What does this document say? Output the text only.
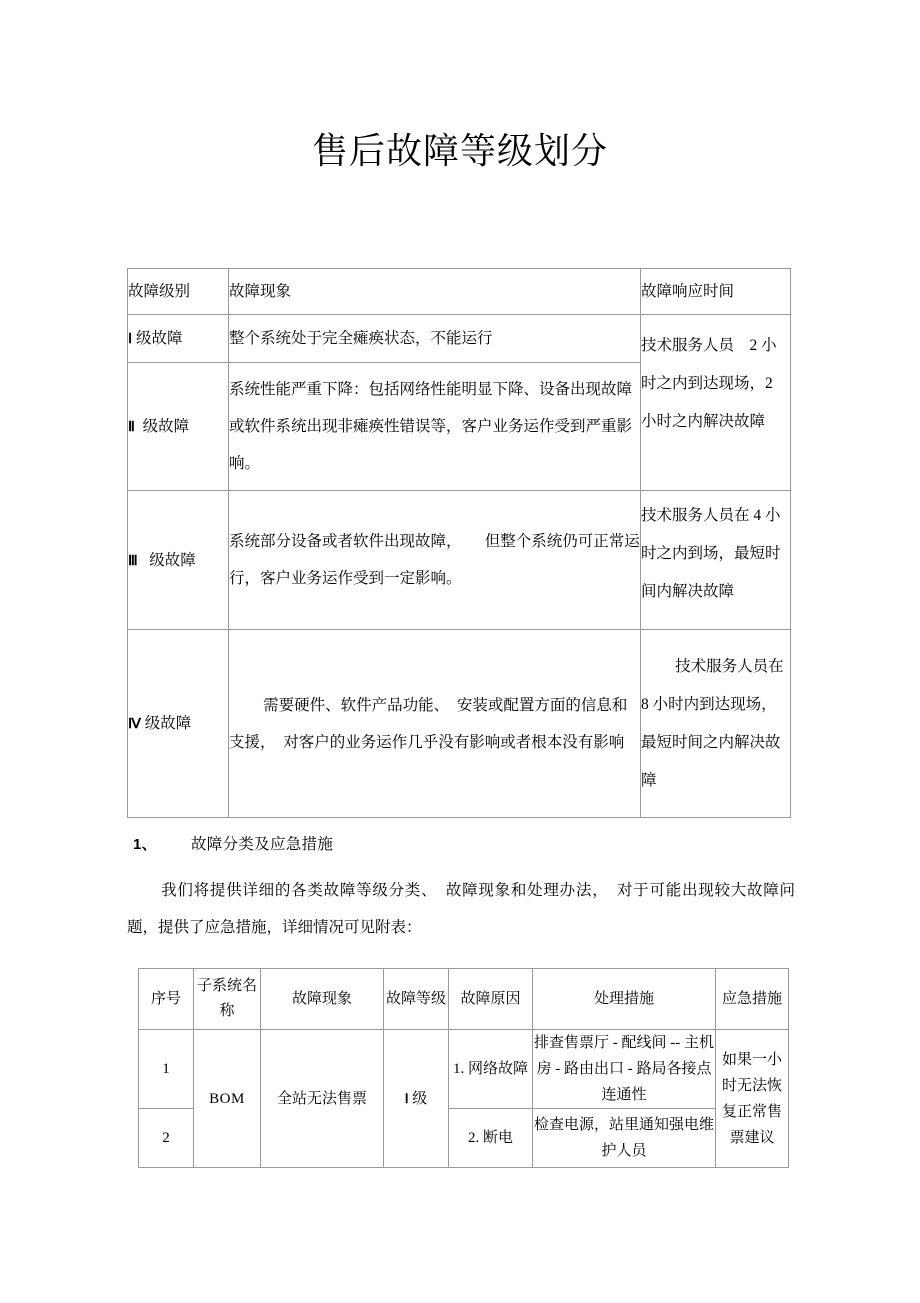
售后故障等级划分
故障级别	故障现象	故障响应时间
Ⅰ 级故障	整个系统处于完全瘫痪状态，不能运行	技术服务人员　2 小时之内到达现场，2 小时之内解决故障
Ⅱ 级故障	系统性能严重下降：包括网络性能明显下降、设备出现故障或软件系统出现非瘫痪性错误等，客户业务运作受到严重影响。	
Ⅲ 级故障	系统部分设备或者软件出现故障，　　但整个系统仍可正常运行，客户业务运作受到一定影响。	技术服务人员在 4 小时之内到场，最短时间内解决故障
Ⅳ 级故障	需要硬件、软件产品功能、　安装或配置方面的信息和支援，　对客户的业务运作几乎没有影响或者根本没有影响	技术服务人员在 8 小时内到达现场，最短时间之内解决故障
1、 故障分类及应急措施
我们将提供详细的各类故障等级分类、　故障现象和处理办法，　对于可能出现较大故障问题，提供了应急措施，详细情况可见附表：
序号	子系统名称	故障现象	故障等级	故障原因	处理措施	应急措施
1	BOM	全站无法售票	Ⅰ 级	1. 网络故障	排查售票厅 - 配线间 -- 主机房 - 路由出口 - 路局各接点连通性	如果一小时无法恢复正常售票建议
2				2. 断电	检查电源，站里通知强电维护人员	
